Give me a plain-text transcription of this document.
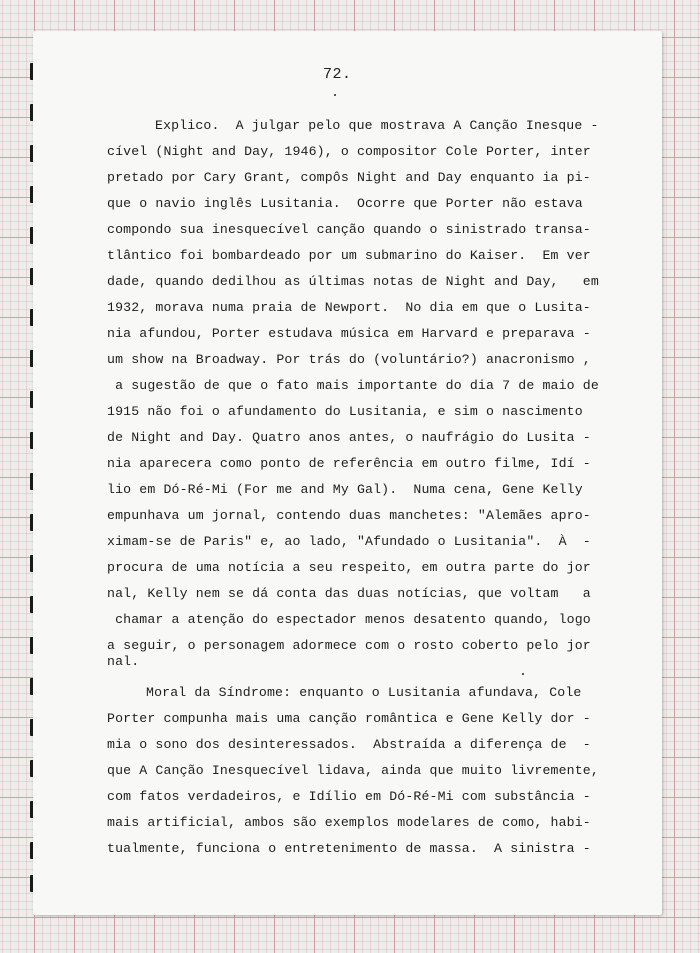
72.

Explico.  A julgar pelo que mostrava A Canção Inesque -

cível (Night and Day, 1946), o compositor Cole Porter, inter

pretado por Cary Grant, compôs Night and Day enquanto ia pi-

que o navio inglês Lusitania.  Ocorre que Porter não estava

compondo sua inesquecível canção quando o sinistrado transa-

tlântico foi bombardeado por um submarino do Kaiser.  Em ver

dade, quando dedilhou as últimas notas de Night and Day,   em

1932, morava numa praia de Newport.  No dia em que o Lusita-

nia afundou, Porter estudava música em Harvard e preparava -

um show na Broadway. Por trás do (voluntário?) anacronismo ,

a sugestão de que o fato mais importante do dia 7 de maio de

1915 não foi o afundamento do Lusitania, e sim o nascimento

de Night and Day. Quatro anos antes, o naufrágio do Lusita -

nia aparecera como ponto de referência em outro filme, Idí -

lio em Dó-Ré-Mi (For me and My Gal).  Numa cena, Gene Kelly

empunhava um jornal, contendo duas manchetes: "Alemães apro-

ximam-se de Paris" e, ao lado, "Afundado o Lusitania".  À  -

procura de uma notícia a seu respeito, em outra parte do jor

nal, Kelly nem se dá conta das duas notícias, que voltam   a

chamar a atenção do espectador menos desatento quando, logo

a seguir, o personagem adormece com o rosto coberto pelo jor

nal.

Moral da Síndrome: enquanto o Lusitania afundava, Cole

Porter compunha mais uma canção romântica e Gene Kelly dor -

mia o sono dos desinteressados.  Abstraída a diferença de  -

que A Canção Inesquecível lidava, ainda que muito livremente,

com fatos verdadeiros, e Idílio em Dó-Ré-Mi com substância -

mais artificial, ambos são exemplos modelares de como, habi-

tualmente, funciona o entretenimento de massa.  A sinistra -
